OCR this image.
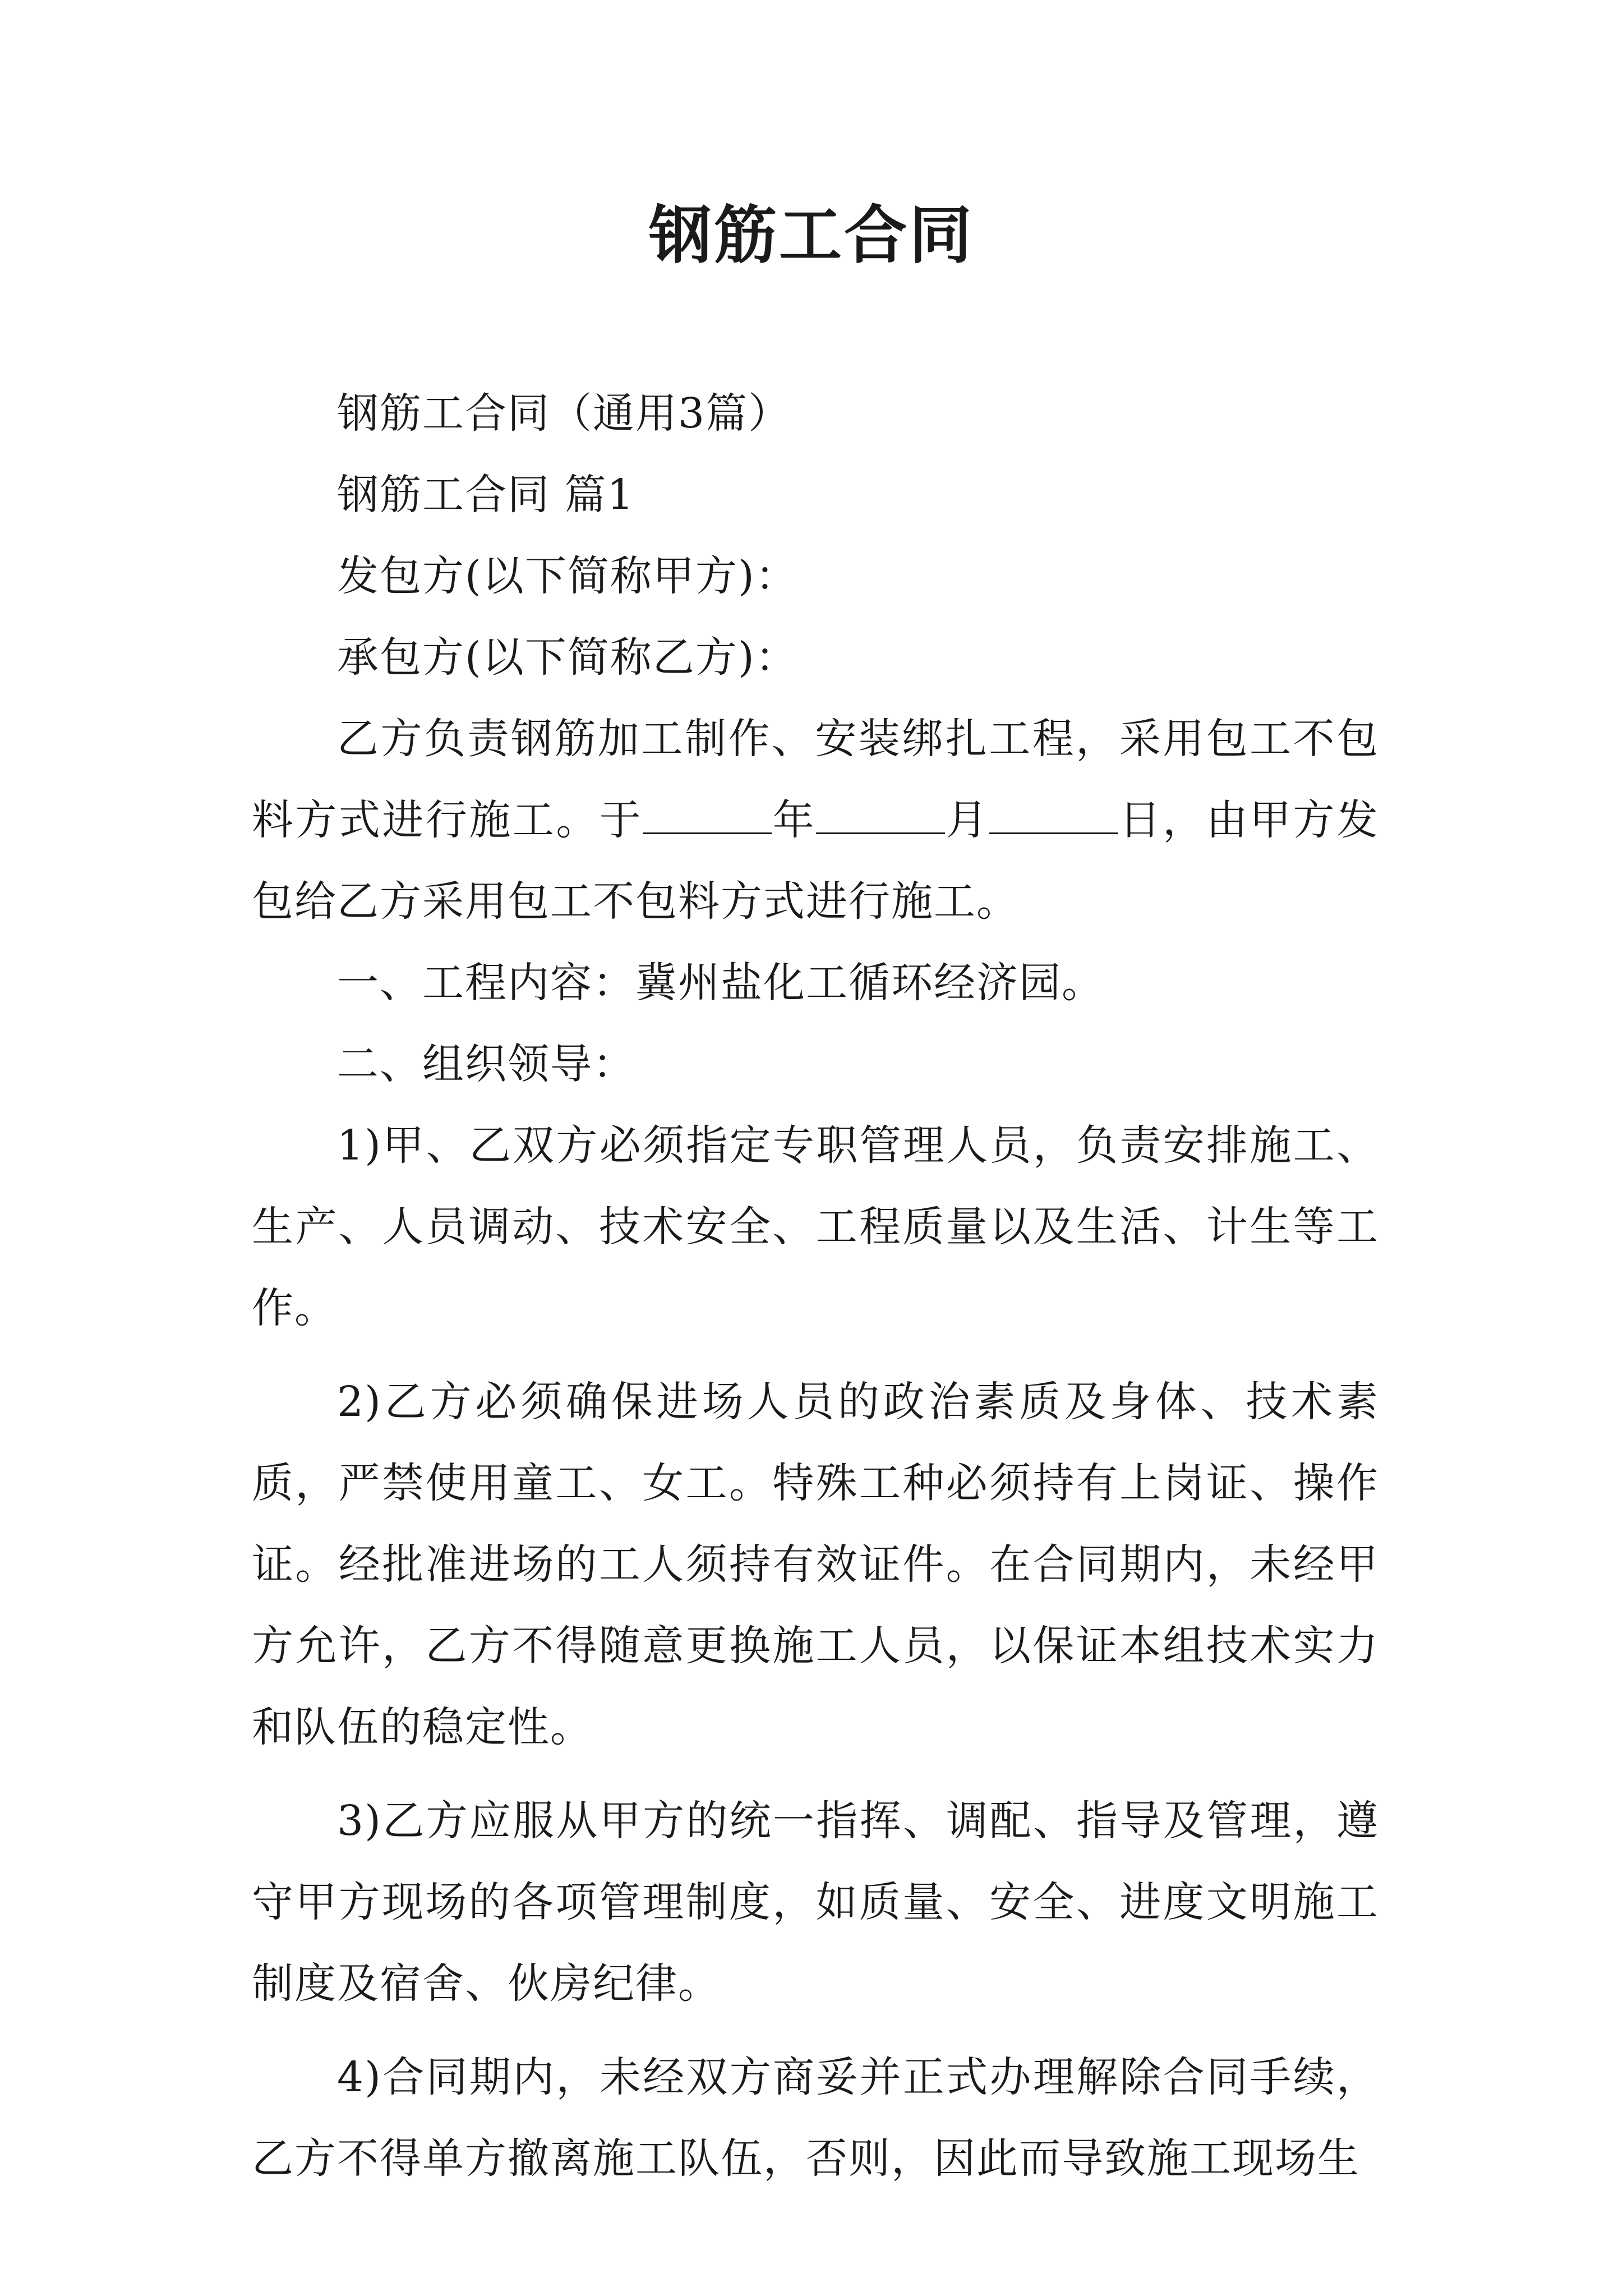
钢筋工合同

钢筋工合同（通用3篇）

钢筋工合同 篇1

发包方(以下简称甲方)：

承包方(以下简称乙方)：

乙方负责钢筋加工制作、安装绑扎工程，采用包工不包料方式进行施工。于	年	月	日，由甲方发包给乙方采用包工不包料方式进行施工。

一、工程内容：冀州盐化工循环经济园。

二、组织领导：

1)甲、乙双方必须指定专职管理人员，负责安排施工、生产、人员调动、技术安全、工程质量以及生活、计生等工作。

2)乙方必须确保进场人员的政治素质及身体、技术素质，严禁使用童工、女工。特殊工种必须持有上岗证、操作证。经批准进场的工人须持有效证件。在合同期内，未经甲方允许，乙方不得随意更换施工人员，以保证本组技术实力和队伍的稳定性。

3)乙方应服从甲方的统一指挥、调配、指导及管理，遵守甲方现场的各项管理制度，如质量、安全、进度文明施工制度及宿舍、伙房纪律。

4)合同期内，未经双方商妥并正式办理解除合同手续，乙方不得单方撤离施工队伍，否则，因此而导致施工现场生
